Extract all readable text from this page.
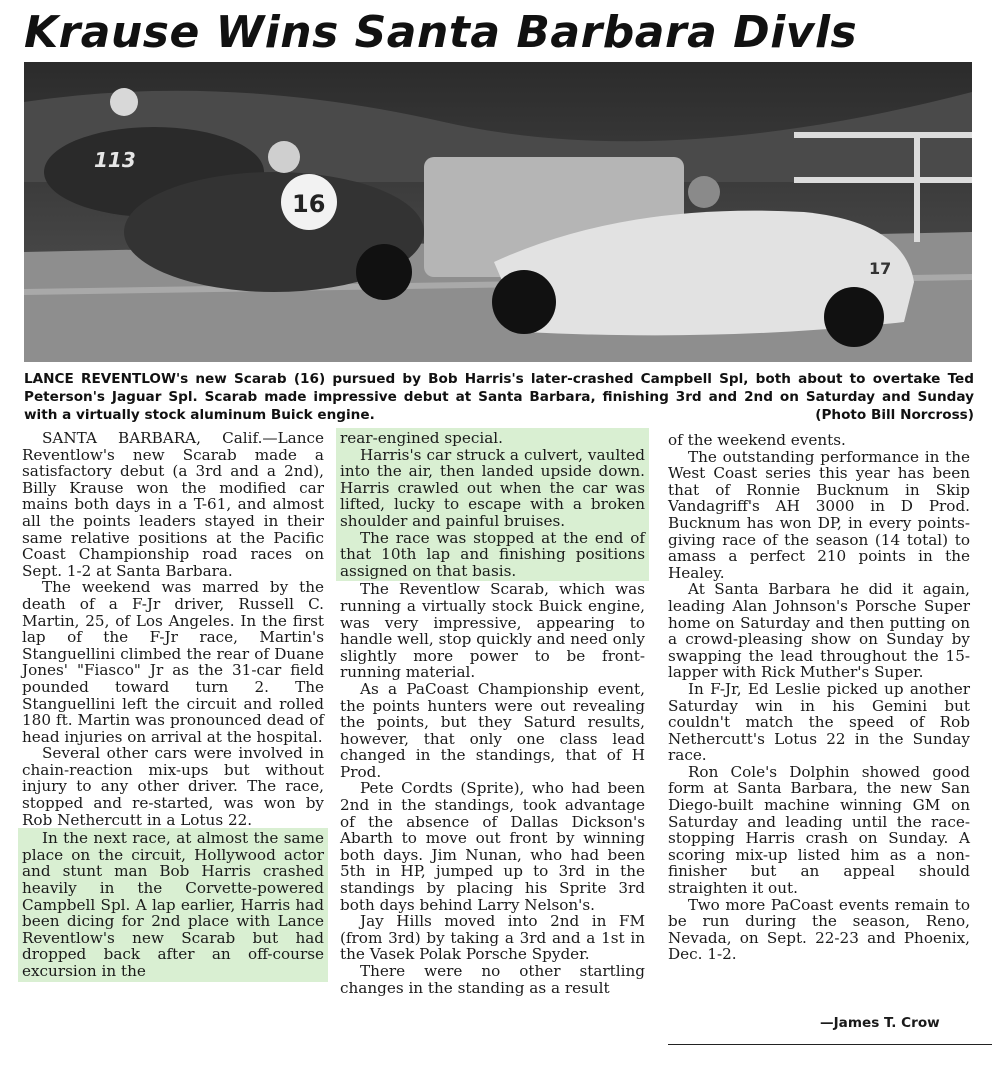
Krause Wins Santa Barbara Divls
113
16
17

LANCE REVENTLOW's new Scarab (16) pursued by Bob Harris's later-crashed Campbell Spl, both about to overtake Ted Peterson's Jaguar Spl. Scarab made impressive debut at Santa Barbara, finishing 3rd and 2nd on Saturday and Sunday with a virtually stock aluminum Buick engine.	(Photo Bill Norcross)

SANTA BARBARA, Calif.—Lance Reventlow's new Scarab made a satisfactory debut (a 3rd and a 2nd), Billy Krause won the modified car mains both days in a T-61, and almost all the points leaders stayed in their same relative positions at the Pacific Coast Championship road races on Sept. 1-2 at Santa Barbara.

The weekend was marred by the death of a F-Jr driver, Russell C. Martin, 25, of Los Angeles. In the first lap of the F-Jr race, Martin's Stanguellini climbed the rear of Duane Jones' "Fiasco" Jr as the 31-car field pounded toward turn 2. The Stanguellini left the circuit and rolled 180 ft. Martin was pronounced dead of head injuries on arrival at the hospital.

Several other cars were involved in chain-reaction mix-ups but without injury to any other driver. The race, stopped and re-started, was won by Rob Nethercutt in a Lotus 22.

In the next race, at almost the same place on the circuit, Hollywood actor and stunt man Bob Harris crashed heavily in the Corvette-powered Campbell Spl. A lap earlier, Harris had been dicing for 2nd place with Lance Reventlow's new Scarab but had dropped back after an off-course excursion in the

rear-engined special.

Harris's car struck a culvert, vaulted into the air, then landed upside down. Harris crawled out when the car was lifted, lucky to escape with a broken shoulder and painful bruises.

The race was stopped at the end of that 10th lap and finishing positions assigned on that basis.

The Reventlow Scarab, which was running a virtually stock Buick engine, was very impressive, appearing to handle well, stop quickly and need only slightly more power to be front-running material.

As a PaCoast Championship event, the points hunters were out revealing the points, but they Saturd results, however, that only one class lead changed in the standings, that of H Prod.

Pete Cordts (Sprite), who had been 2nd in the standings, took advantage of the absence of Dallas Dickson's Abarth to move out front by winning both days. Jim Nunan, who had been 5th in HP, jumped up to 3rd in the standings by placing his Sprite 3rd both days behind Larry Nelson's.

Jay Hills moved into 2nd in FM (from 3rd) by taking a 3rd and a 1st in the Vasek Polak Porsche Spyder.

There were no other startling changes in the standing as a result

of the weekend events.

The outstanding performance in the West Coast series this year has been that of Ronnie Bucknum in Skip Vandagriff's AH 3000 in D Prod. Bucknum has won DP, in every points-giving race of the season (14 total) to amass a perfect 210 points in the Healey.

At Santa Barbara he did it again, leading Alan Johnson's Porsche Super home on Saturday and then putting on a crowd-pleasing show on Sunday by swapping the lead throughout the 15-lapper with Rick Muther's Super.

In F-Jr, Ed Leslie picked up another Saturday win in his Gemini but couldn't match the speed of Rob Nethercutt's Lotus 22 in the Sunday race.

Ron Cole's Dolphin showed good form at Santa Barbara, the new San Diego-built machine winning GM on Saturday and leading until the race-stopping Harris crash on Sunday. A scoring mix-up listed him as a non-finisher but an appeal should straighten it out.

Two more PaCoast events remain to be run during the season, Reno, Nevada, on Sept. 22-23 and Phoenix, Dec. 1-2.

—James T. Crow
